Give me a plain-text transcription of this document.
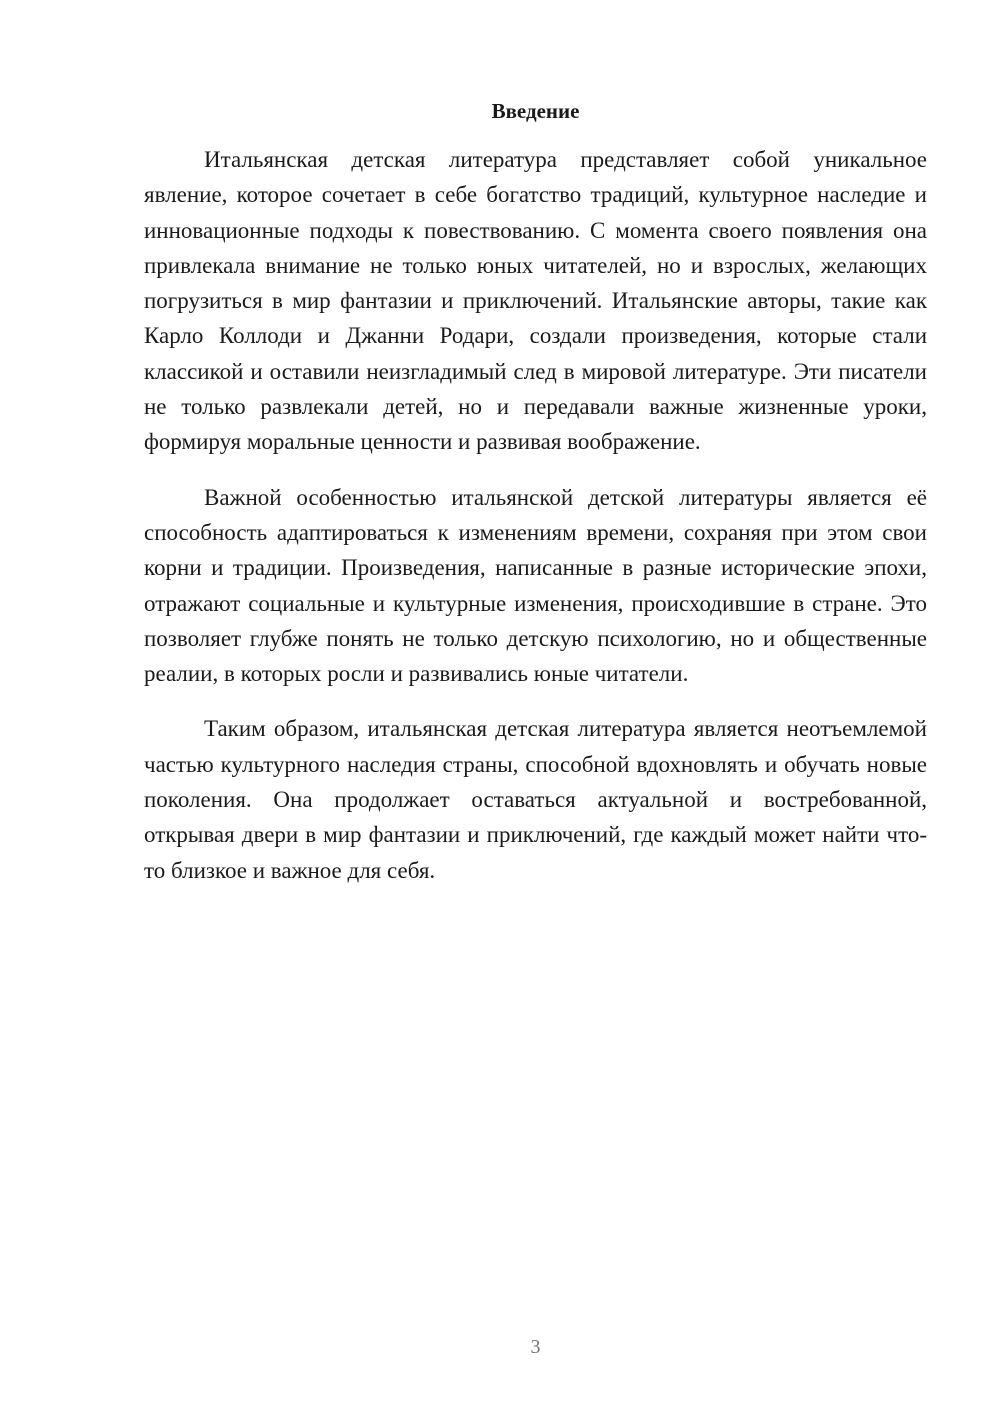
Введение

Итальянская детская литература представляет собой уникальное явление, которое сочетает в себе богатство традиций, культурное наследие и инновационные подходы к повествованию. С момента своего появления она привлекала внимание не только юных читателей, но и взрослых, желающих погрузиться в мир фантазии и приключений. Итальянские авторы, такие как Карло Коллоди и Джанни Родари, создали произведения, которые стали классикой и оставили неизгладимый след в мировой литературе. Эти писатели не только развлекали детей, но и передавали важные жизненные уроки, формируя моральные ценности и развивая воображение.

Важной особенностью итальянской детской литературы является её способность адаптироваться к изменениям времени, сохраняя при этом свои корни и традиции. Произведения, написанные в разные исторические эпохи, отражают социальные и культурные изменения, происходившие в стране. Это позволяет глубже понять не только детскую психологию, но и общественные реалии, в которых росли и развивались юные читатели.

Таким образом, итальянская детская литература является неотъемлемой частью культурного наследия страны, способной вдохновлять и обучать новые поколения. Она продолжает оставаться актуальной и востребованной, открывая двери в мир фантазии и приключений, где каждый может найти что-то близкое и важное для себя.

3
